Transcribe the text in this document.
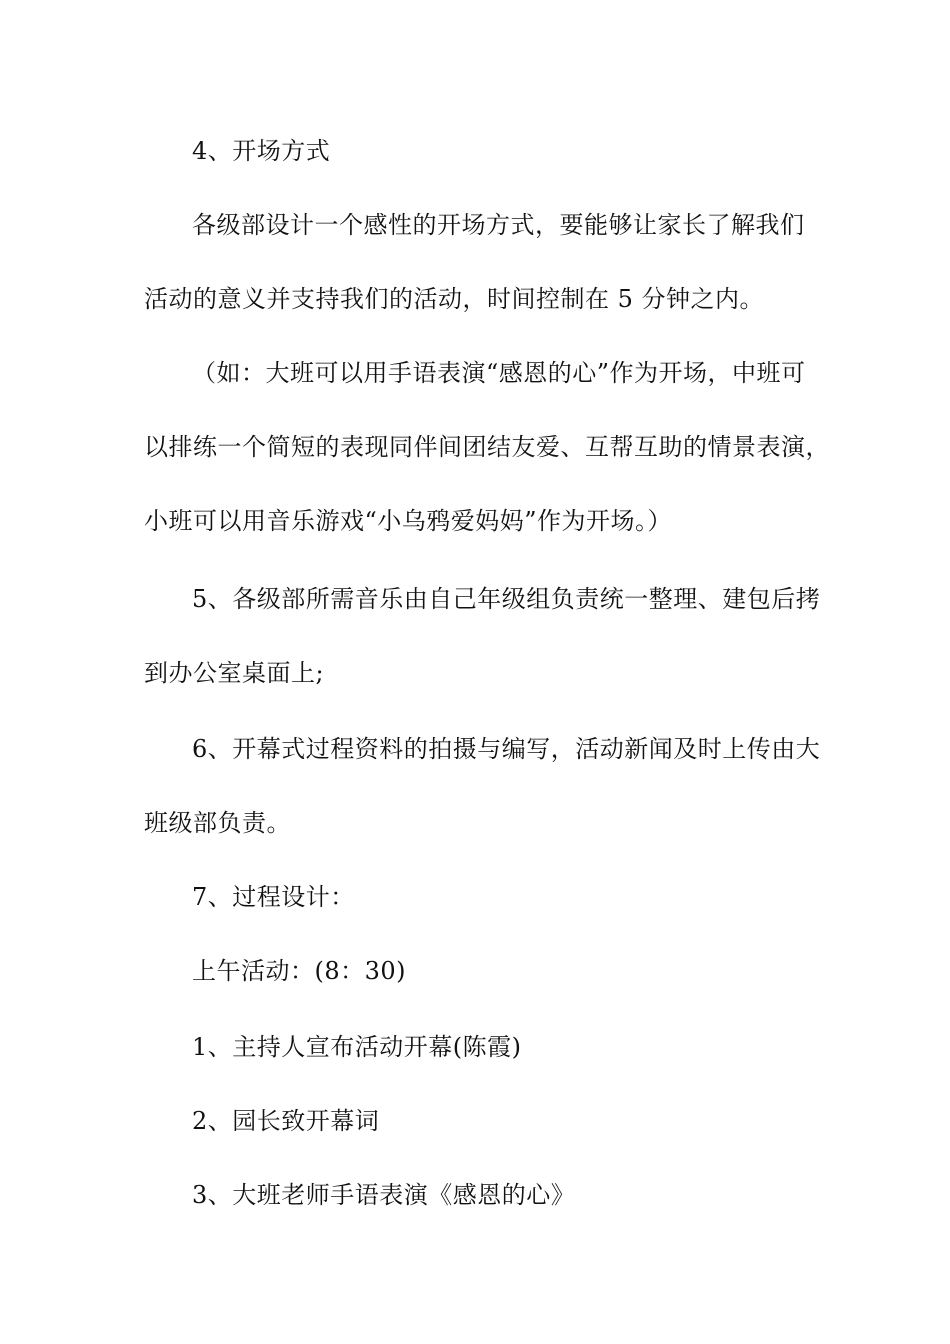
4、开场方式
各级部设计一个感性的开场方式，要能够让家长了解我们
活动的意义并支持我们的活动，时间控制在 5 分钟之内。
（如：大班可以用手语表演“感恩的心”作为开场，中班可
以排练一个简短的表现同伴间团结友爱、互帮互助的情景表演，
小班可以用音乐游戏“小乌鸦爱妈妈”作为开场。）
5、各级部所需音乐由自己年级组负责统一整理、建包后拷
到办公室桌面上;
6、开幕式过程资料的拍摄与编写，活动新闻及时上传由大
班级部负责。
7、过程设计：
上午活动：(8：30)
1、主持人宣布活动开幕(陈霞)
2、园长致开幕词
3、大班老师手语表演《感恩的心》
